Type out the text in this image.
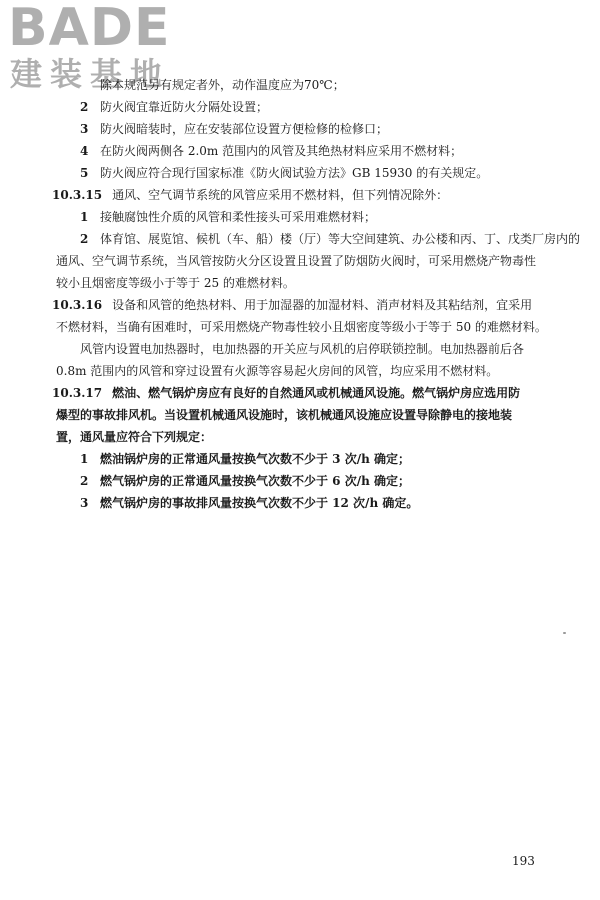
BADE
建装基地
除本规范另有规定者外，动作温度应为70℃；
2 防火阀宜靠近防火分隔处设置；
3 防火阀暗装时，应在安装部位设置方便检修的检修口；
4 在防火阀两侧各 2.0m 范围内的风管及其绝热材料应采用不燃材料；
5 防火阀应符合现行国家标准《防火阀试验方法》GB 15930 的有关规定。
10.3.15 通风、空气调节系统的风管应采用不燃材料，但下列情况除外：
1 接触腐蚀性介质的风管和柔性接头可采用难燃材料；
2 体育馆、展览馆、候机（车、船）楼（厅）等大空间建筑、办公楼和丙、丁、戊类厂房内的
通风、空气调节系统，当风管按防火分区设置且设置了防烟防火阀时，可采用燃烧产物毒性
较小且烟密度等级小于等于 25 的难燃材料。
10.3.16 设备和风管的绝热材料、用于加湿器的加湿材料、消声材料及其粘结剂，宜采用
不燃材料，当确有困难时，可采用燃烧产物毒性较小且烟密度等级小于等于 50 的难燃材料。
风管内设置电加热器时，电加热器的开关应与风机的启停联锁控制。电加热器前后各
0.8m 范围内的风管和穿过设置有火源等容易起火房间的风管，均应采用不燃材料。
10.3.17 燃油、燃气锅炉房应有良好的自然通风或机械通风设施。燃气锅炉房应选用防
爆型的事故排风机。当设置机械通风设施时，该机械通风设施应设置导除静电的接地装
置，通风量应符合下列规定：
1 燃油锅炉房的正常通风量按换气次数不少于 3 次/h 确定；
2 燃气锅炉房的正常通风量按换气次数不少于 6 次/h 确定；
3 燃气锅炉房的事故排风量按换气次数不少于 12 次/h 确定。
193
